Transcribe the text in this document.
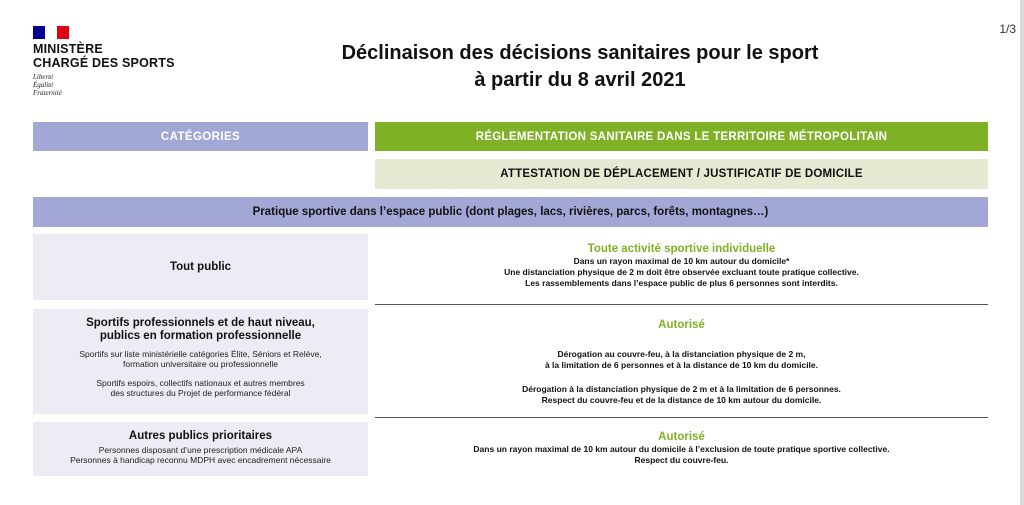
1/3
MINISTÈRE
CHARGÉ DES SPORTS
Liberté
Égalité
Fraternité
Déclinaison des décisions sanitaires pour le sport
à partir du 8 avril 2021
CATÉGORIES	RÉGLEMENTATION SANITAIRE DANS LE TERRITOIRE MÉTROPOLITAIN
ATTESTATION DE DÉPLACEMENT / JUSTIFICATIF DE DOMICILE
Pratique sportive dans l’espace public (dont plages, lacs, rivières, parcs, forêts, montagnes…)
Tout public
Toute activité sportive individuelle
Dans un rayon maximal de 10 km autour du domicile*
Une distanciation physique de 2 m doit être observée excluant toute pratique collective.
Les rassemblements dans l’espace public de plus 6 personnes sont interdits.
Sportifs professionnels et de haut niveau,
publics en formation professionnelle
Sportifs sur liste ministérielle catégories Élite, Séniors et Relève,
formation universitaire ou professionnelle
Sportifs espoirs, collectifs nationaux et autres membres
des structures du Projet de performance fédéral
Autorisé
Dérogation au couvre-feu, à la distanciation physique de 2 m,
à la limitation de 6 personnes et à la distance de 10 km du domicile.
Dérogation à la distanciation physique de 2 m et à la limitation de 6 personnes.
Respect du couvre-feu et de la distance de 10 km autour du domicile.
Autres publics prioritaires
Personnes disposant d’une prescription médicale APA
Personnes à handicap reconnu MDPH avec encadrement nécessaire
Autorisé
Dans un rayon maximal de 10 km autour du domicile à l’exclusion de toute pratique sportive collective.
Respect du couvre-feu.
